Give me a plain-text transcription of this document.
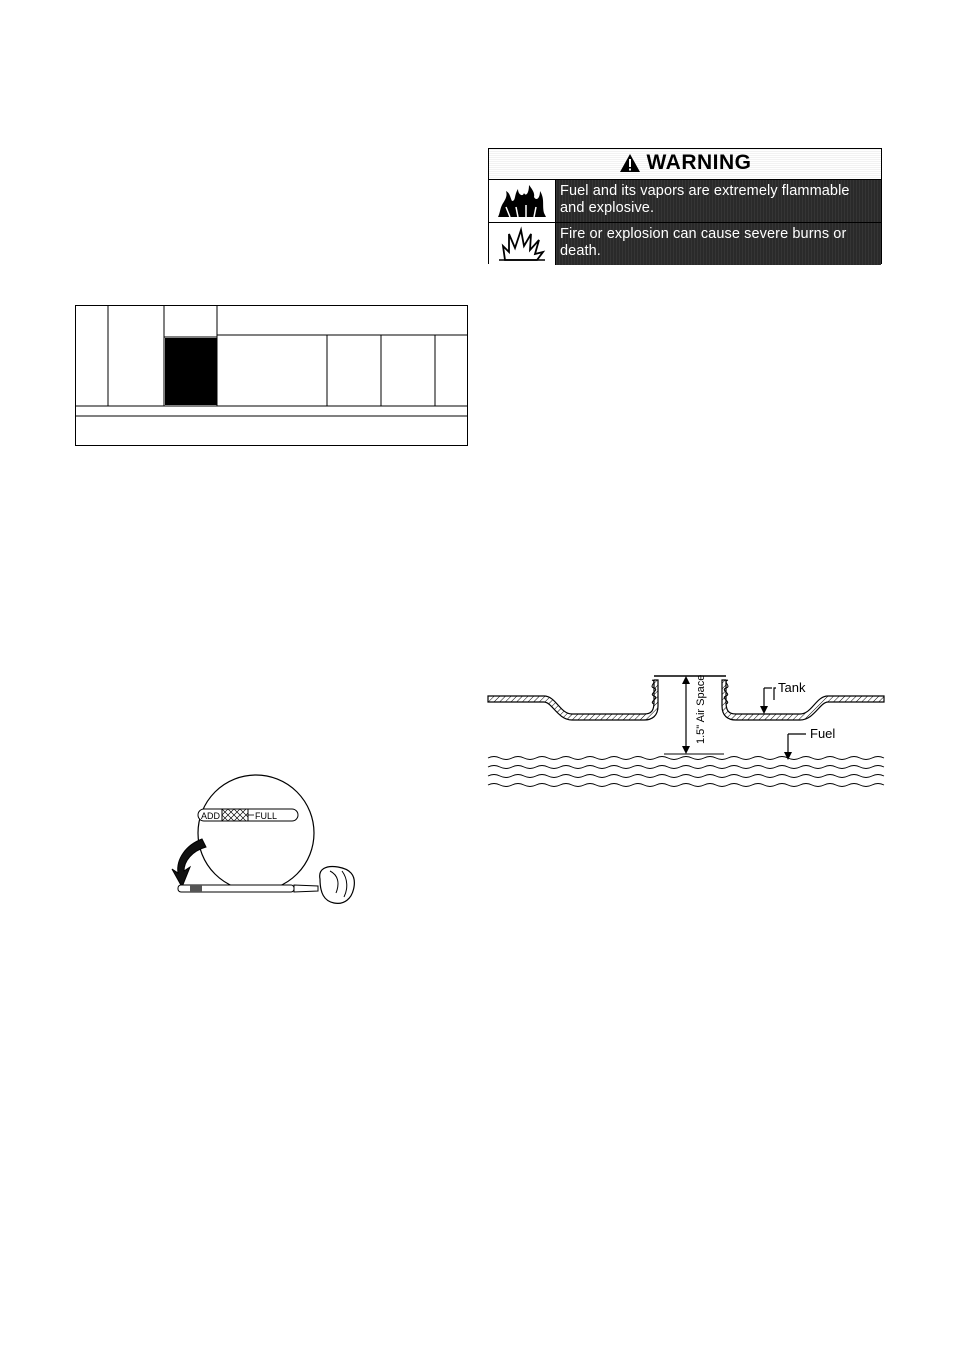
WARNING
Fuel and its vapors are extremely flammable and explosive.
Fire or explosion can cause severe burns or death.
ADD	FULL
1.5" Air Space	Tank
Fuel
